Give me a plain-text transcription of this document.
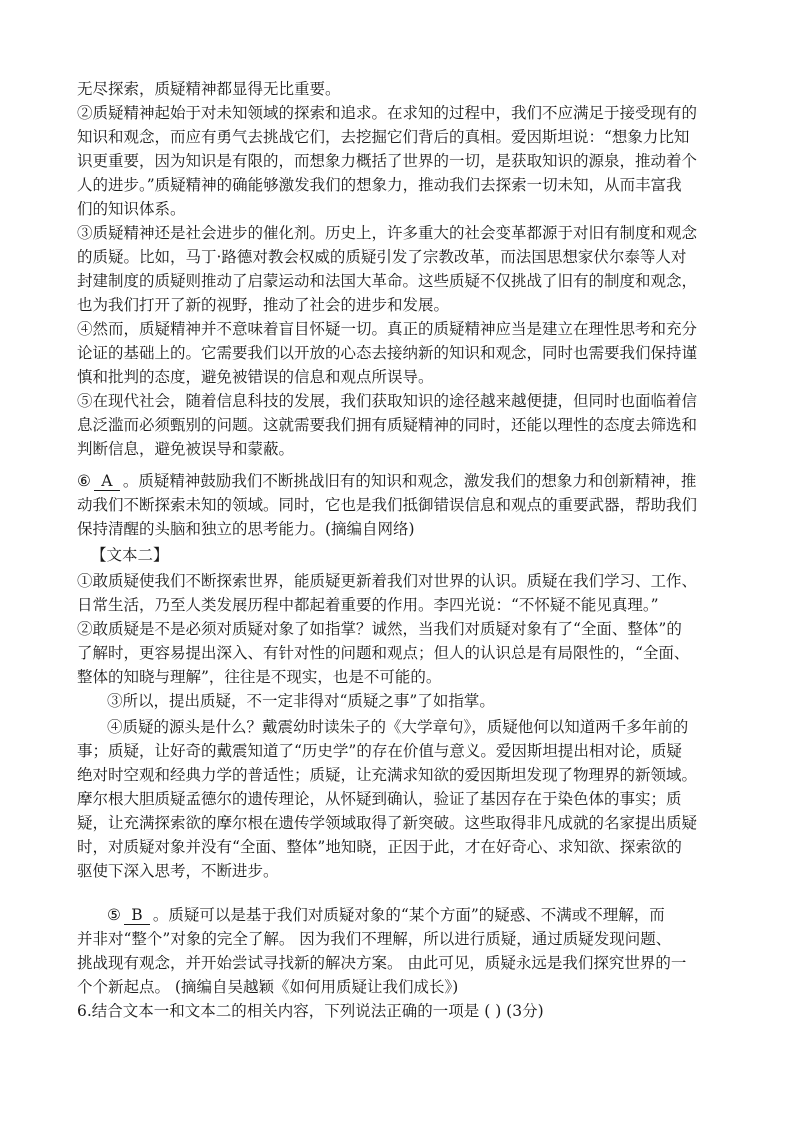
无尽探索，质疑精神都显得无比重要。
②质疑精神起始于对未知领域的探索和追求。在求知的过程中，我们不应满足于接受现有的
知识和观念，而应有勇气去挑战它们，去挖掘它们背后的真相。爱因斯坦说：“想象力比知
识更重要，因为知识是有限的，而想象力概括了世界的一切，是获取知识的源泉，推动着个
人的进步。”质疑精神的确能够激发我们的想象力，推动我们去探索一切未知，从而丰富我
们的知识体系。
③质疑精神还是社会进步的催化剂。历史上，许多重大的社会变革都源于对旧有制度和观念
的质疑。比如，马丁·路德对教会权威的质疑引发了宗教改革，而法国思想家伏尔泰等人对
封建制度的质疑则推动了启蒙运动和法国大革命。这些质疑不仅挑战了旧有的制度和观念，
也为我们打开了新的视野，推动了社会的进步和发展。
④然而，质疑精神并不意味着盲目怀疑一切。真正的质疑精神应当是建立在理性思考和充分
论证的基础上的。它需要我们以开放的心态去接纳新的知识和观念，同时也需要我们保持谨
慎和批判的态度，避免被错误的信息和观点所误导。
⑤在现代社会，随着信息科技的发展，我们获取知识的途径越来越便捷，但同时也面临着信
息泛滥而必须甄别的问题。这就需要我们拥有质疑精神的同时，还能以理性的态度去筛选和
判断信息，避免被误导和蒙蔽。
⑥ A 。质疑精神鼓励我们不断挑战旧有的知识和观念，激发我们的想象力和创新精神，推
动我们不断探索未知的领域。同时，它也是我们抵御错误信息和观点的重要武器，帮助我们
保持清醒的头脑和独立的思考能力。(摘编自网络)
【文本二】
①敢质疑使我们不断探索世界，能质疑更新着我们对世界的认识。质疑在我们学习、工作、
日常生活，乃至人类发展历程中都起着重要的作用。李四光说：“不怀疑不能见真理。”
②敢质疑是不是必须对质疑对象了如指掌？诚然，当我们对质疑对象有了“全面、整体”的
了解时，更容易提出深入、有针对性的问题和观点；但人的认识总是有局限性的，“全面、
整体的知晓与理解”，往往是不现实，也是不可能的。
③所以，提出质疑，不一定非得对“质疑之事”了如指掌。
④质疑的源头是什么？戴震幼时读朱子的《大学章句》，质疑他何以知道两千多年前的
事；质疑，让好奇的戴震知道了“历史学”的存在价值与意义。爱因斯坦提出相对论，质疑
绝对时空观和经典力学的普适性；质疑，让充满求知欲的爱因斯坦发现了物理界的新领域。
摩尔根大胆质疑孟德尔的遗传理论，从怀疑到确认，验证了基因存在于染色体的事实；质
疑，让充满探索欲的摩尔根在遗传学领域取得了新突破。这些取得非凡成就的名家提出质疑
时，对质疑对象并没有“全面、整体”地知晓，正因于此，才在好奇心、求知欲、探索欲的
驱使下深入思考，不断进步。
⑤ B 。质疑可以是基于我们对质疑对象的“某个方面”的疑惑、不满或不理解，而
并非对“整个”对象的完全了解。 因为我们不理解，所以进行质疑，通过质疑发现问题、
挑战现有观念，并开始尝试寻找新的解决方案。 由此可见，质疑永远是我们探究世界的一
个个新起点。 (摘编自吴越颖《如何用质疑让我们成长》)
6.结合文本一和文本二的相关内容，下列说法正确的一项是 ( ) (3分)
